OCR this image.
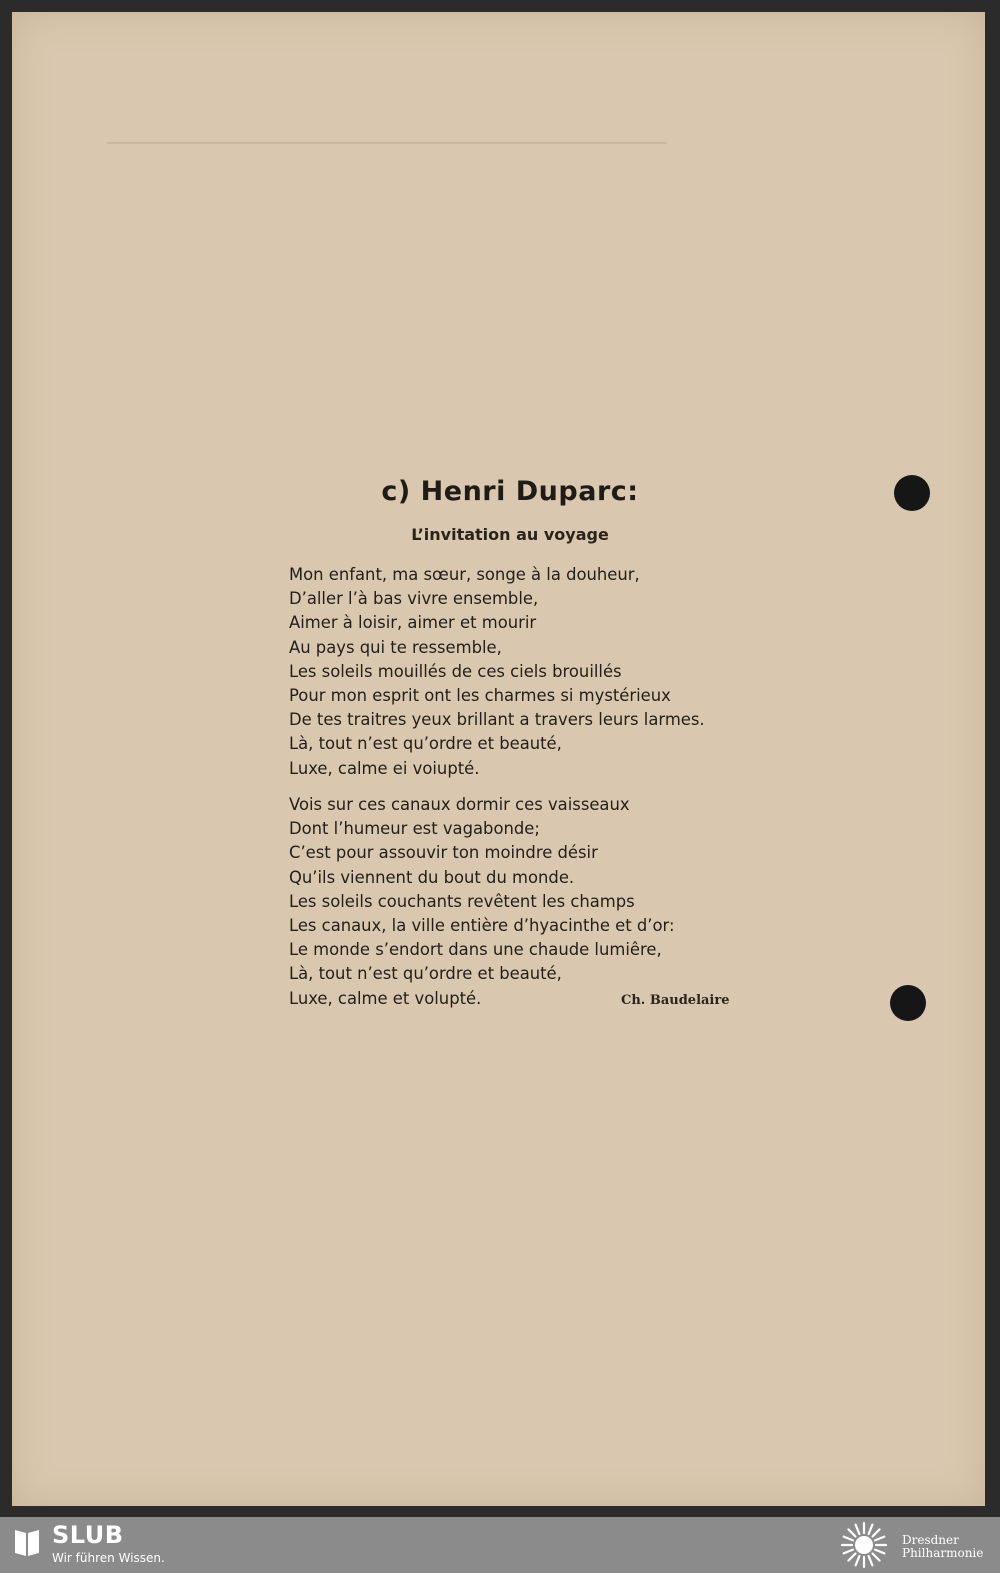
c) Henri Duparc:
L’invitation au voyage
Mon enfant, ma sœur, songe à la douheur,
D’aller l’à bas vivre ensemble,
Aimer à loisir, aimer et mourir
Au pays qui te ressemble,
Les soleils mouillés de ces ciels brouillés
Pour mon esprit ont les charmes si mystérieux
De tes traitres yeux brillant a travers leurs larmes.
Là, tout n’est qu’ordre et beauté,
Luxe, calme ei voiupté.
Vois sur ces canaux dormir ces vaisseaux
Dont l’humeur est vagabonde;
C’est pour assouvir ton moindre désir
Qu’ils viennent du bout du monde.
Les soleils couchants revêtent les champs
Les canaux, la ville entière d’hyacinthe et d’or:
Le monde s’endort dans une chaude lumiêre,
Là, tout n’est qu’ordre et beauté,
Luxe, calme et volupté.	Ch. Baudelaire
SLUB
Wir führen Wissen.
Dresdner
Philharmonie
